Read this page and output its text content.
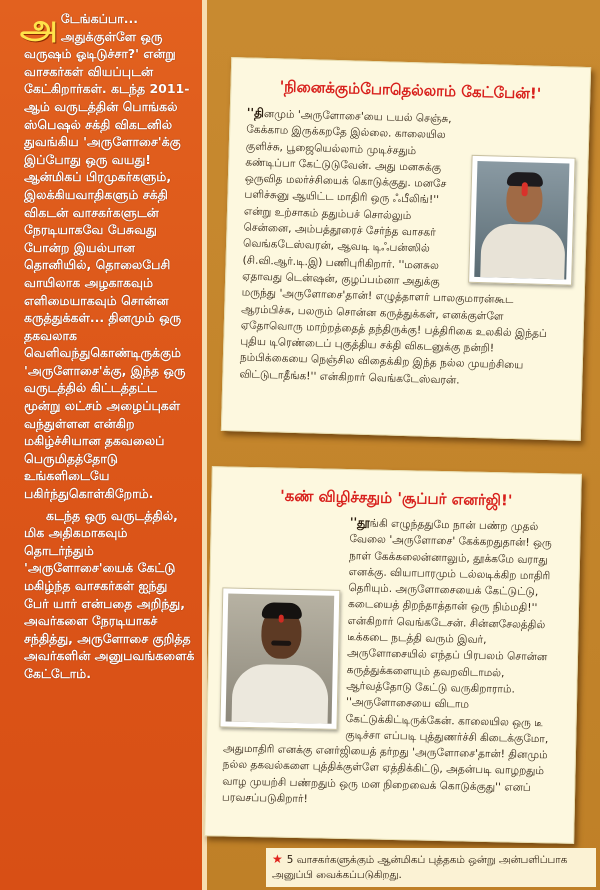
அடேங்கப்பா... அதுக்குள்ளே ஒரு வருஷம் ஓடிடுச்சா?' என்று வாசகர்கள் வியப்புடன் கேட்கிறார்கள். கடந்த 2011-ஆம் வருடத்தின் பொங்கல் ஸ்பெஷல் சக்தி விகடனில் துவங்கிய 'அருளோசை'க்கு இப்போது ஒரு வயது! ஆன்மிகப் பிரமுகர்களும், இலக்கியவாதிகளும் சக்தி விகடன் வாசகர்களுடன் நேரடியாகவே பேசுவது போன்ற இயல்பான தொனியில், தொலைபேசி வாயிலாக அழகாகவும் எளிமையாகவும் சொன்ன கருத்துக்கள்... தினமும் ஒரு தகவலாக வெளிவந்துகொண்டிருக்கும் 'அருளோசை'க்கு, இந்த ஒரு வருடத்தில் கிட்டத்தட்ட மூன்று லட்சம் அழைப்புகள் வந்துள்ளன என்கிற மகிழ்ச்சியான தகவலைப் பெருமிதத்தோடு உங்களிடையே பகிர்ந்துகொள்கிறோம்.

கடந்த ஒரு வருடத்தில், மிக அதிகமாகவும் தொடர்ந்தும் 'அருளோசை'யைக் கேட்டு மகிழ்ந்த வாசகர்கள் ஐந்து பேர் யார் என்பதை அறிந்து, அவர்களை நேரடியாகச் சந்தித்து, அருளோசை குறித்த அவர்களின் அனுபவங்களைக் கேட்டோம்.

'நினைக்கும்போதெல்லாம் கேட்பேன்!'
''தினமும் 'அருளோசை'யை டயல் செஞ்சு, கேக்காம இருக்கறதே இல்லை. காலையில குளிச்சு, பூஜையெல்லாம் முடிச்சதும் கண்டிப்பா கேட்டுடுவேன். அது மனசுக்கு ஒருவித மலர்ச்சியைக் கொடுக்குது. மனசே பளிச்சுனு ஆயிட்ட மாதிரி ஒரு ஃபீலிங்!'' என்று உற்சாகம் ததும்பச் சொல்லும் சென்னை, அம்பத்தூரைச் சேர்ந்த வாசகர் வெங்கடேஸ்வரன், ஆவடி டிஃபன்ஸில் (சி.வி.ஆர்.டி.இ) பணிபுரிகிறார். ''மனசுல ஏதாவது டென்ஷன், குழப்பம்னா அதுக்கு மருந்து 'அருளோசை'தான்! எழுத்தாளர் பாலகுமாரன்கூட ஆரம்பிச்சு, பலரும் சொன்ன கருத்துக்கள், எனக்குள்ளே ஏதோவொரு மாற்றத்தைத் தந்திருக்கு! பத்திரிகை உலகில் இந்தப் புதிய டிரெண்டைப் புகுத்திய சக்தி விகடனுக்கு நன்றி! நம்பிக்கையை நெஞ்சில விதைக்கிற இந்த நல்ல முயற்சியை விட்டுடாதீங்க!'' என்கிறார் வெங்கடேஸ்வரன்.
'கண் விழிச்சதும் 'சூப்பர் எனர்ஜி!'
''தூங்கி எழுந்ததுமே நான் பண்ற முதல் வேலை 'அருளோசை' கேக்கறதுதான்! ஒரு நாள் கேக்கலைன்னாலும், தூக்கமே வராது எனக்கு. வியாபாரமும் டல்லடிக்கிற மாதிரி தெரியும். அருளோசையைக் கேட்டுட்டு, கடையைத் திறந்தாத்தான் ஒரு நிம்மதி!'' என்கிறார் வெங்கடேசன். சின்னசேலத்தில் டீக்கடை நடத்தி வரும் இவர், அருளோசையில் எந்தப் பிரபலம் சொன்ன கருத்துக்களையும் தவறவிடாமல், ஆர்வத்தோடு கேட்டு வருகிறாராம். ''அருளோசையை விடாம கேட்டுக்கிட்டிருக்கேன். காலையில ஒரு டீ குடிச்சா எப்படி புத்துணர்ச்சி கிடைக்குமோ, அதுமாதிரி எனக்கு எனர்ஜியைத் தர்றது 'அருளோசை'தான்! தினமும் நல்ல தகவல்களை புத்திக்குள்ளே ஏத்திக்கிட்டு, அதன்படி வாழறதும் வாழ முயற்சி பண்றதும் ஒரு மன நிறைவைக் கொடுக்குது'' எனப் பரவசப்படுகிறார்!
★ 5 வாசகர்களுக்கும் ஆன்மிகப் புத்தகம் ஒன்று அன்பளிப்பாக அனுப்பி வைக்கப்படுகிறது.
